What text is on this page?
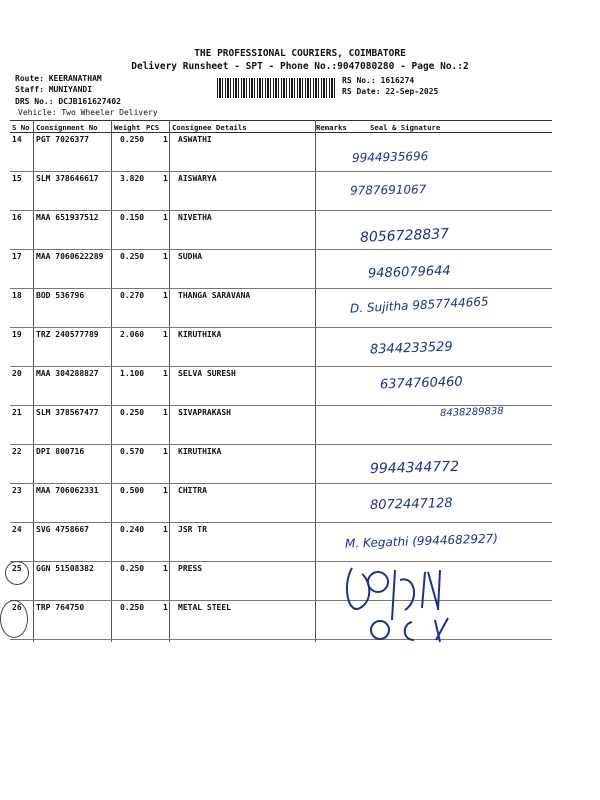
THE PROFESSIONAL COURIERS, COIMBATORE
Delivery Runsheet - SPT - Phone No.:9047080280 - Page No.:2
Route: KEERANATHAM
Staff: MUNIYANDI
DRS No.: DCJB161627402
Vehicle: Two Wheeler Delivery
RS No.: 1616274
RS Date: 22-Sep-2025
S No Consignment No Weight PCS Consignee Details	Remarks	Seal & Signature
14 PGT 7026377	0.250 1 ASWATHI
9944935696
15 SLM 378646617	3.820 1 AISWARYA
9787691067
16 MAA 651937512	0.150 1 NIVETHA
8056728837
17 MAA 7060622289 0.250 1 SUDHA
9486079644
18 BOD 536796	0.270 1 THANGA SARAVANA	D. Sujitha 9857744665
19 TRZ 240577789	2.060 1 KIRUTHIKA
8344233529
20 MAA 304288827	1.100 1 SELVA SURESH
6374760460
21 SLM 378567477	0.250 1 SIVAPRAKASH	8438289838
22 DPI 800716	0.570 1 KIRUTHIKA
9944344772
23 MAA 706062331	0.500 1 CHITRA
8072447128
24 SVG 4758667	0.240 1 JSR TR
M. Kegathi (9944682927)
25 GGN 51508382	0.250 1 PRESS
26 TRP 764750	0.250 1 METAL STEEL
